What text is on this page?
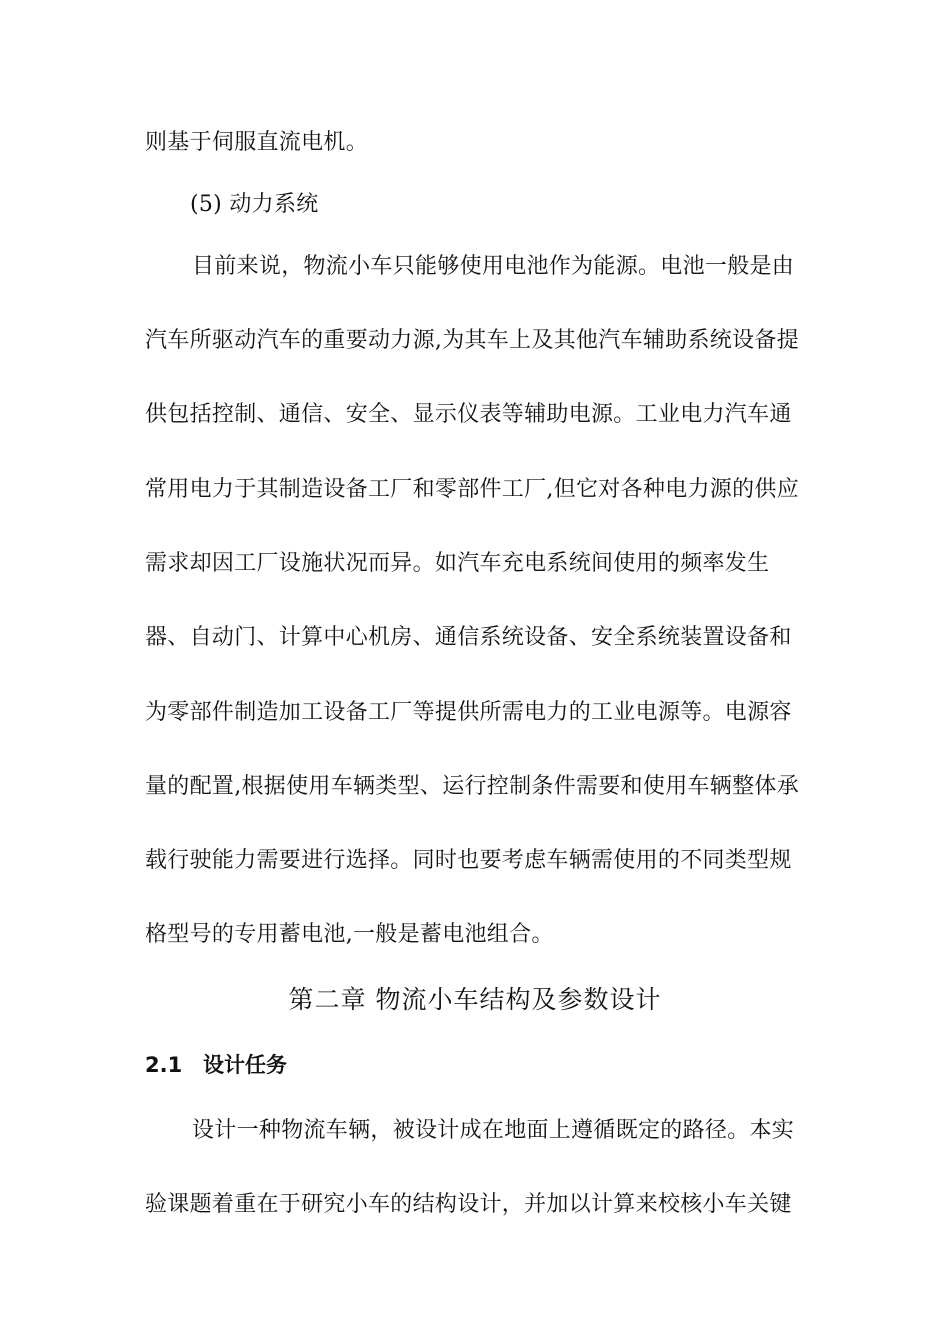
则基于伺服直流电机。
(5) 动力系统
目前来说，物流小车只能够使用电池作为能源。电池一般是由
汽车所驱动汽车的重要动力源,为其车上及其他汽车辅助系统设备提
供包括控制、通信、安全、显示仪表等辅助电源。工业电力汽车通
常用电力于其制造设备工厂和零部件工厂,但它对各种电力源的供应
需求却因工厂设施状况而异。如汽车充电系统间使用的频率发生
器、自动门、计算中心机房、通信系统设备、安全系统装置设备和
为零部件制造加工设备工厂等提供所需电力的工业电源等。电源容
量的配置,根据使用车辆类型、运行控制条件需要和使用车辆整体承
载行驶能力需要进行选择。同时也要考虑车辆需使用的不同类型规
格型号的专用蓄电池,一般是蓄电池组合。
第二章 物流小车结构及参数设计
2.1 设计任务
设计一种物流车辆，被设计成在地面上遵循既定的路径。本实
验课题着重在于研究小车的结构设计，并加以计算来校核小车关键
